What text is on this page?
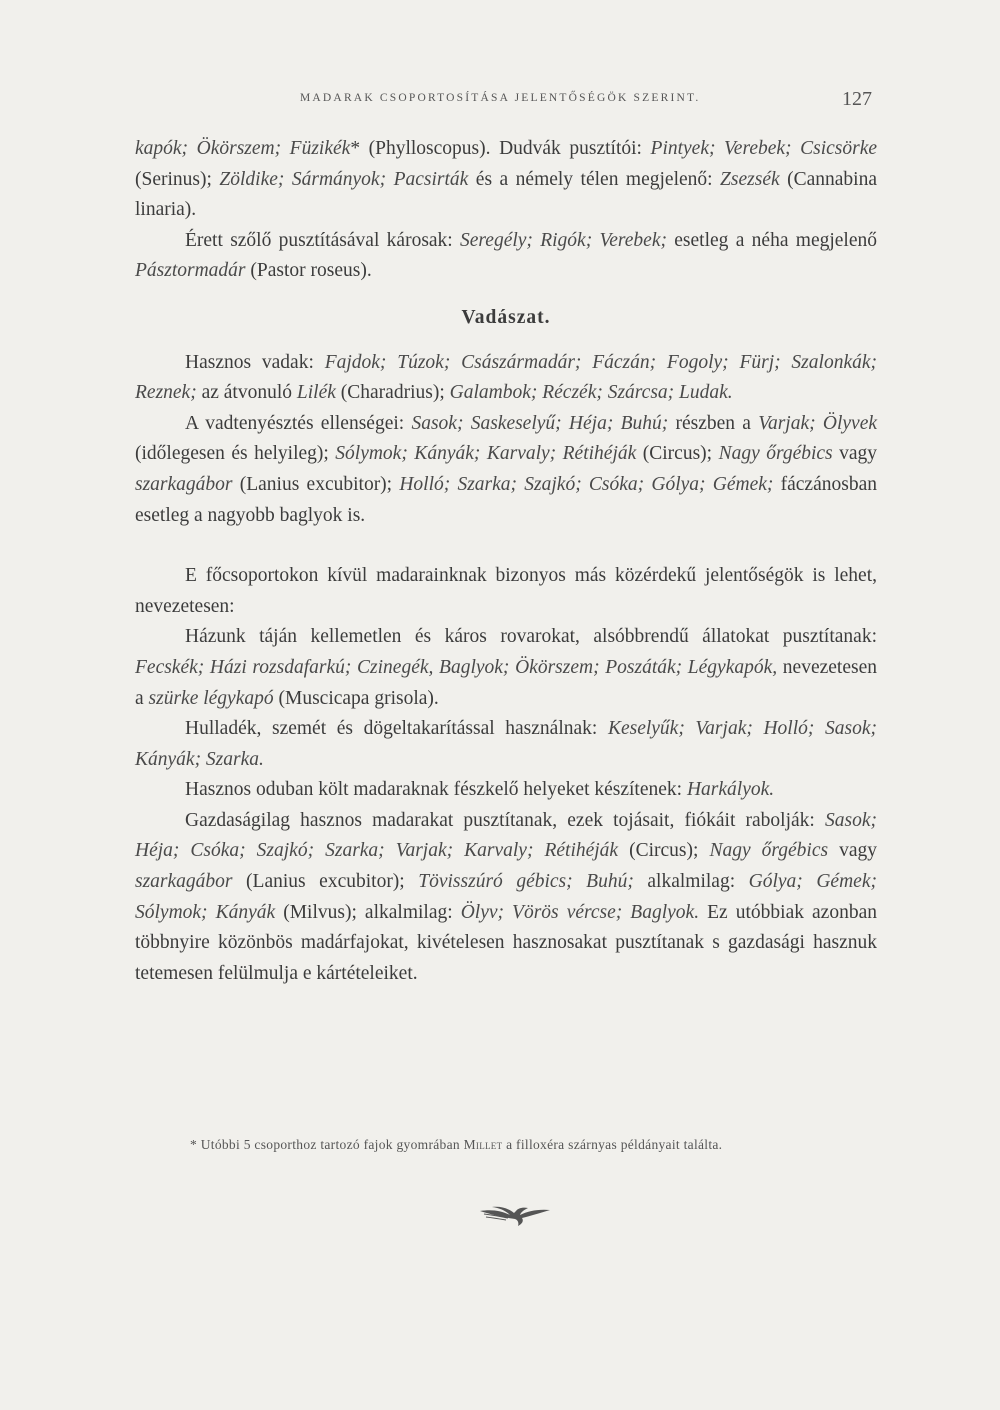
MADARAK CSOPORTOSÍTÁSA JELENTŐSÉGÖK SZERINT.	127

kapók; Ökörszem; Füzikék* (Phylloscopus). Dudvák pusztítói: Pintyek; Verebek; Csicsörke (Serinus); Zöldike; Sármányok; Pacsirták és a némely télen megjelenő: Zsezsék (Cannabina linaria).

Érett szőlő pusztításával károsak: Seregély; Rigók; Verebek; esetleg a néha megjelenő Pásztormadár (Pastor roseus).

Vadászat.

Hasznos vadak: Fajdok; Túzok; Császármadár; Fáczán; Fogoly; Fürj; Szalonkák; Reznek; az átvonuló Lilék (Charadrius); Galambok; Réczék; Szárcsa; Ludak.

A vadtenyésztés ellenségei: Sasok; Saskeselyű; Héja; Buhú; részben a Varjak; Ölyvek (időlegesen és helyileg); Sólymok; Kányák; Karvaly; Rétihéják (Circus); Nagy őrgébics vagy szarkagábor (Lanius excubitor); Holló; Szarka; Szajkó; Csóka; Gólya; Gémek; fáczánosban esetleg a nagyobb baglyok is.

E főcsoportokon kívül madarainknak bizonyos más közérdekű jelentőségök is lehet, nevezetesen:

Házunk táján kellemetlen és káros rovarokat, alsóbbrendű állatokat pusztítanak: Fecskék; Házi rozsdafarkú; Czinegék, Baglyok; Ökörszem; Poszáták; Légykapók, nevezetesen a szürke légykapó (Muscicapa grisola).

Hulladék, szemét és dögeltakarítással használnak: Keselyűk; Varjak; Holló; Sasok; Kányák; Szarka.

Hasznos oduban költ madaraknak fészkelő helyeket készítenek: Harkályok.

Gazdaságilag hasznos madarakat pusztítanak, ezek tojásait, fiókáit rabolják: Sasok; Héja; Csóka; Szajkó; Szarka; Varjak; Karvaly; Rétihéják (Circus); Nagy őrgébics vagy szarkagábor (Lanius excubitor); Tövisszúró gébics; Buhú; alkalmilag: Gólya; Gémek; Sólymok; Kányák (Milvus); alkalmilag: Ölyv; Vörös vércse; Baglyok. Ez utóbbiak azonban többnyire közönbös madárfajokat, kivételesen hasznosakat pusztítanak s gazdasági hasznuk tetemesen felülmulja e kártételeiket.

* Utóbbi 5 csoporthoz tartozó fajok gyomrában Millet a filloxéra szárnyas példányait találta.
